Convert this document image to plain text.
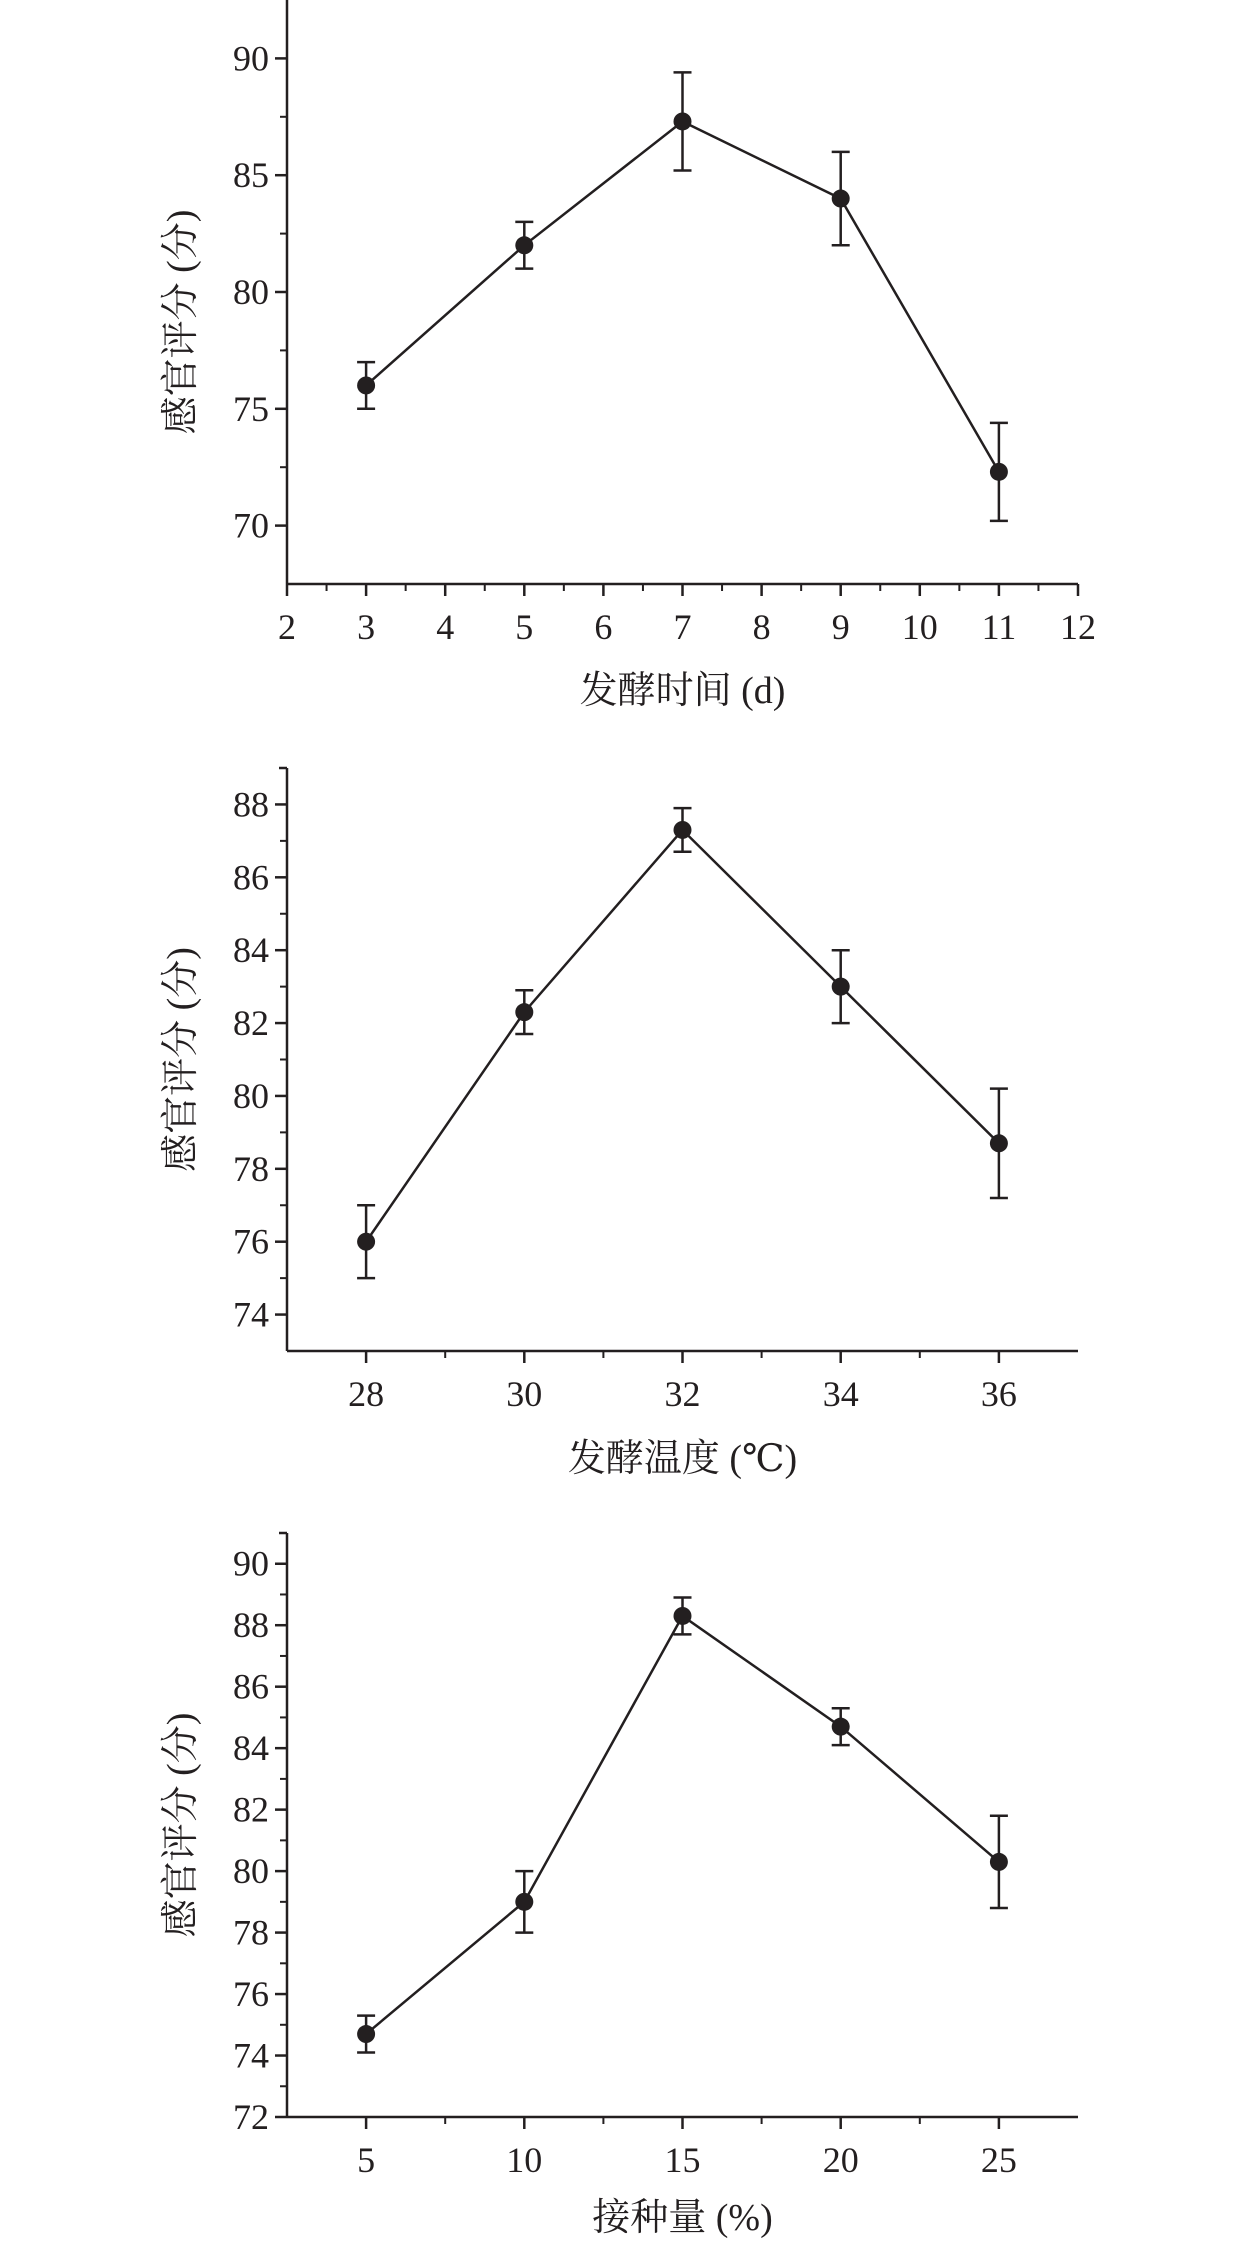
2 3 4 5 6 7 8 9 10 11 12
70
75
80
85
90
发酵时间 (d)
感官评分 (分)
28	30	32	34	36
74
76
78
80
82
84
86
88
发酵温度 (℃)
感官评分 (分)
5	10	15	20	25
72
74
76
78
80
82
84
86
88
90
接种量 (%)
感官评分 (分)
